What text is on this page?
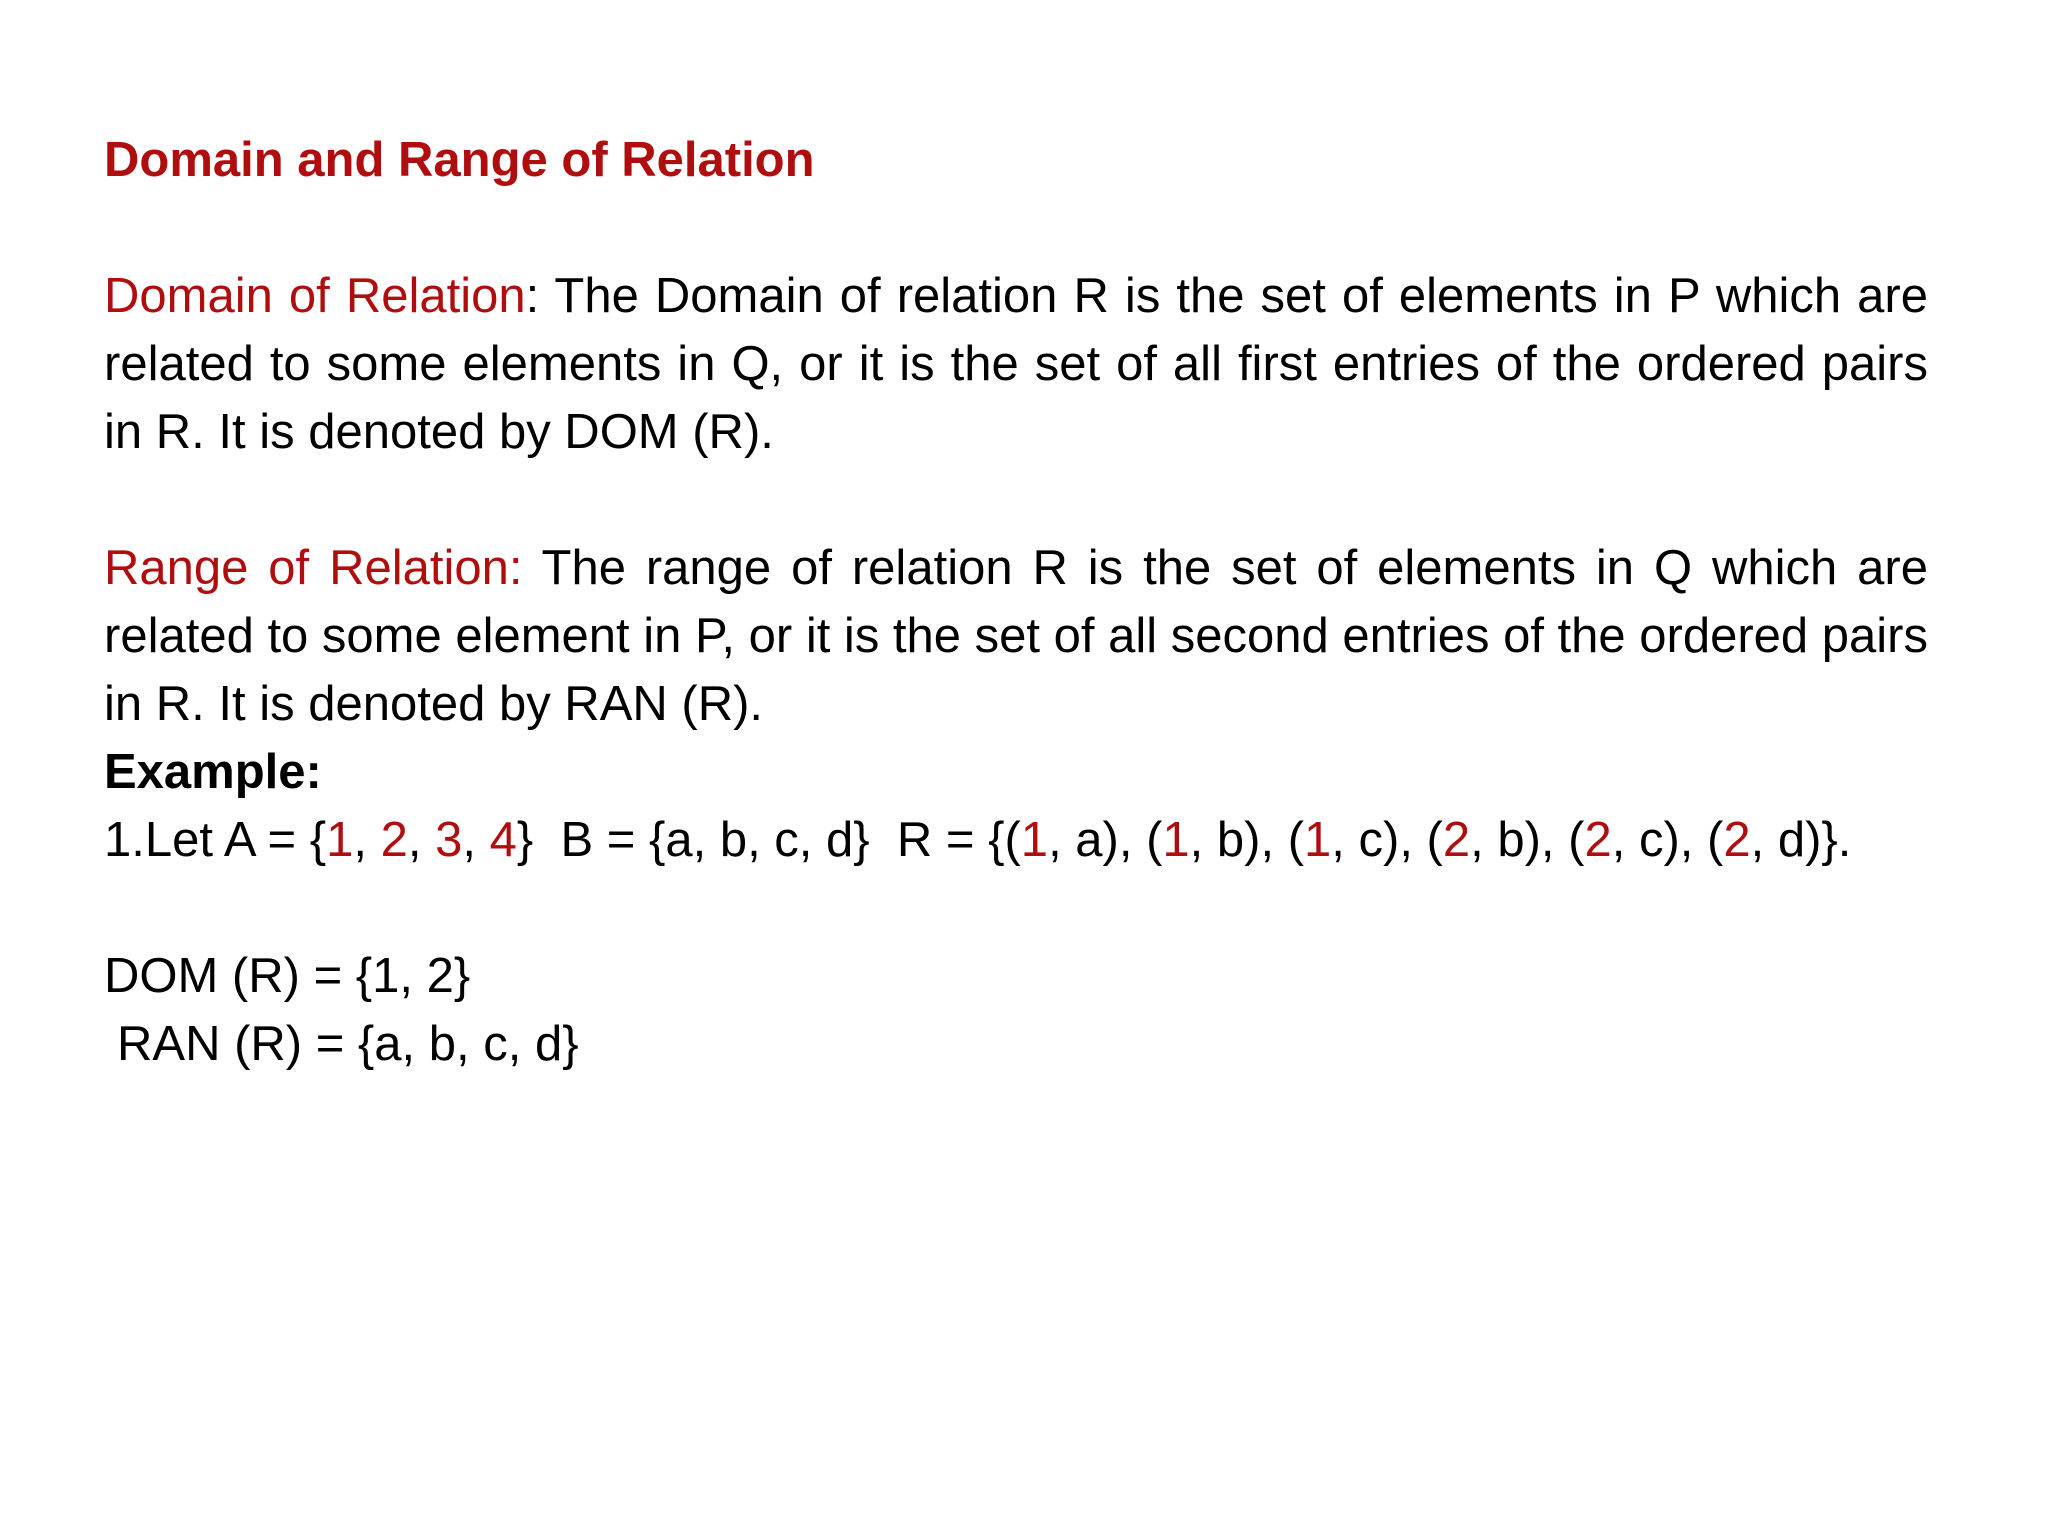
Domain and Range of Relation

Domain of Relation: The Domain of relation R is the set of elements in P which are related to some elements in Q, or it is the set of all first entries of the ordered pairs in R. It is denoted by DOM (R).

Range of Relation: The range of relation R is the set of elements in Q which are related to some element in P, or it is the set of all second entries of the ordered pairs in R. It is denoted by RAN (R).

Example:
1.Let A = {1, 2, 3, 4}  B = {a, b, c, d}  R = {(1, a), (1, b), (1, c), (2, b), (2, c), (2, d)}.
DOM (R) = {1, 2}
RAN (R) = {a, b, c, d}
